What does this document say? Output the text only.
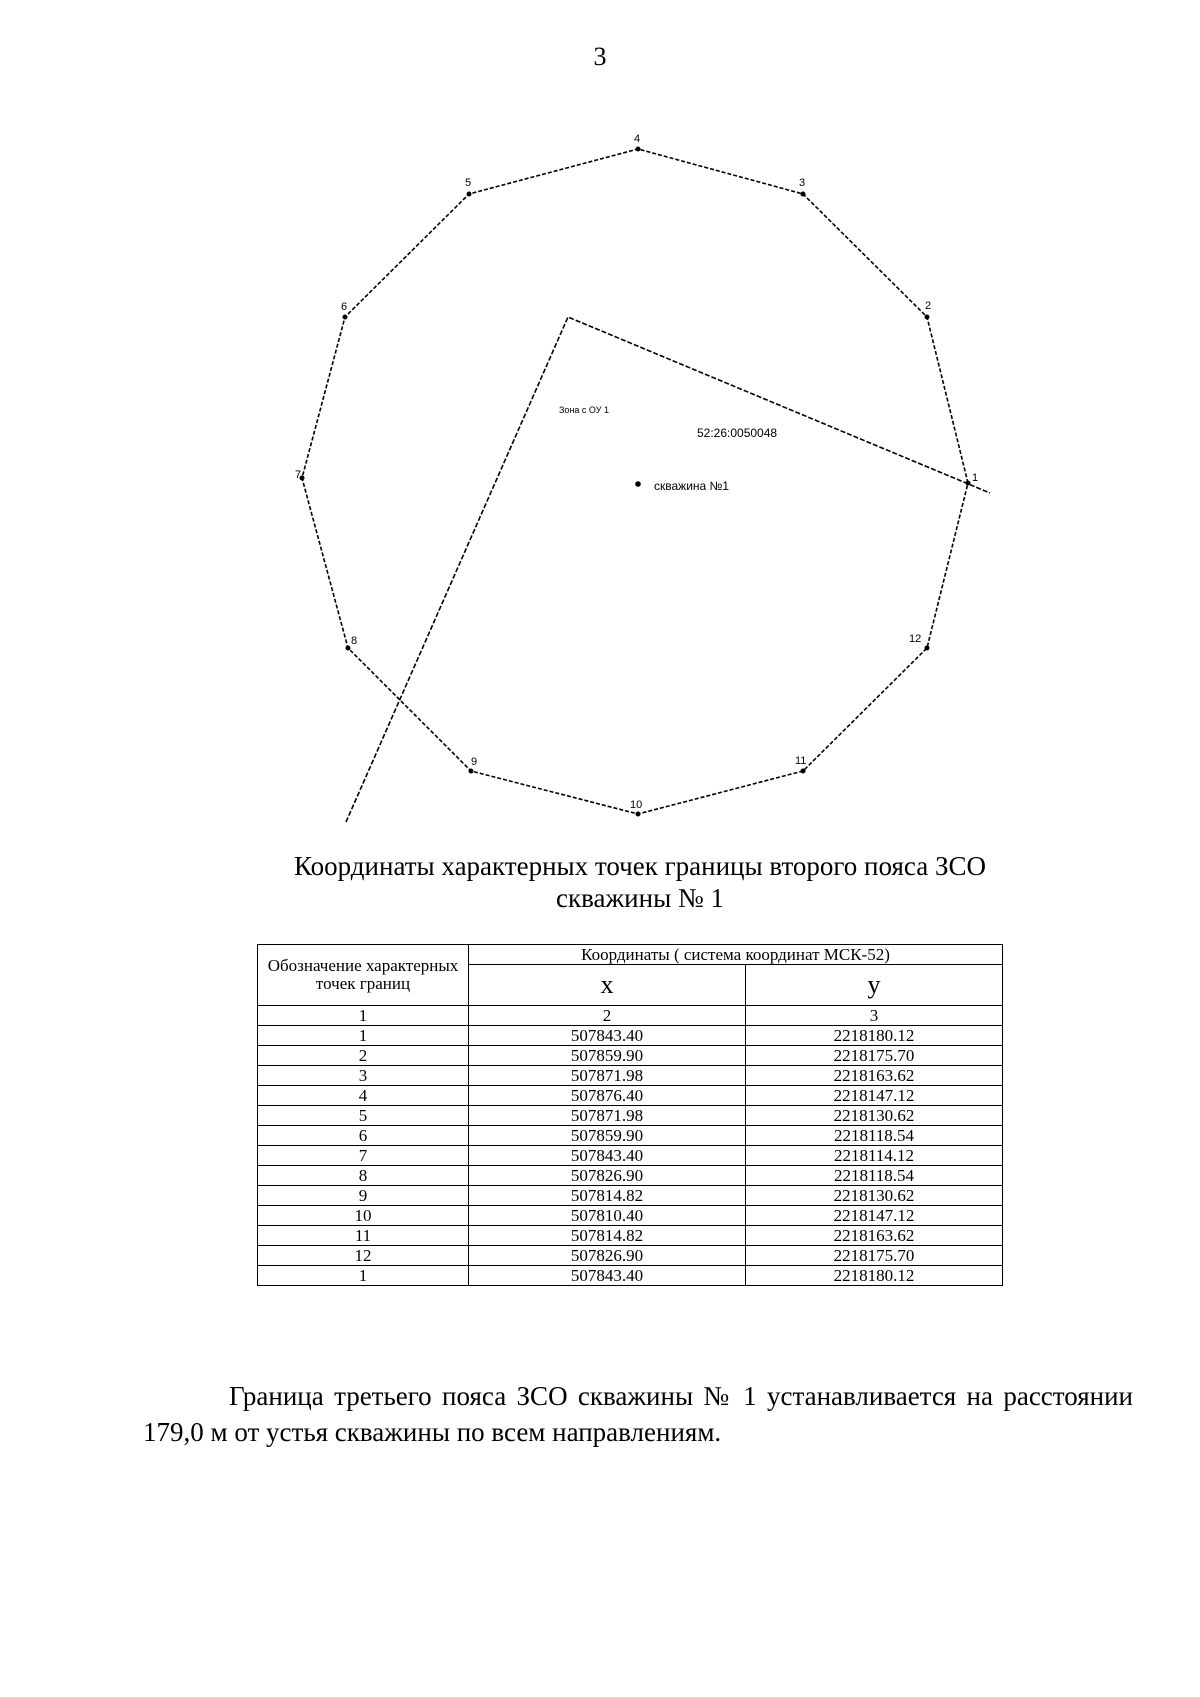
3
1
2
3
4
5
6
7
8
9
10
11
12
Зона с ОУ 1
52:26:0050048
скважина №1
Координаты характерных точек границы второго пояса ЗСО
скважины № 1
Обозначение характерных точек границ	Координаты ( система координат МСК-52)	
	x	y
1	2	3
1	507843.40	2218180.12
2	507859.90	2218175.70
3	507871.98	2218163.62
4	507876.40	2218147.12
5	507871.98	2218130.62
6	507859.90	2218118.54
7	507843.40	2218114.12
8	507826.90	2218118.54
9	507814.82	2218130.62
10	507810.40	2218147.12
11	507814.82	2218163.62
12	507826.90	2218175.70
1	507843.40	2218180.12
Граница третьего пояса ЗСО скважины № 1 устанавливается на расстоянии 179,0 м от устья скважины по всем направлениям.
